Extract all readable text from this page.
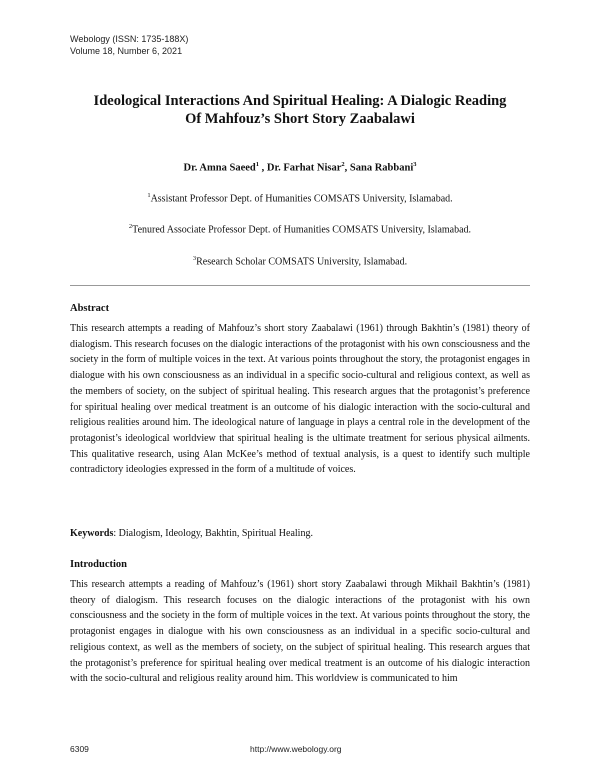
Webology (ISSN: 1735-188X)
Volume 18, Number 6, 2021
Ideological Interactions And Spiritual Healing: A Dialogic Reading
Of Mahfouz’s Short Story Zaabalawi
Dr. Amna Saeed$^1$ , Dr. Farhat Nisar$^2$, Sana Rabbani$^3$
$^1$Assistant Professor Dept. of Humanities COMSATS University, Islamabad.
$^2$Tenured Associate Professor Dept. of Humanities COMSATS University, Islamabad.
$^3$Research Scholar COMSATS University, Islamabad.
Abstract
This research attempts a reading of Mahfouz’s short story Zaabalawi (1961) through Bakhtin’s (1981) theory of dialogism. This research focuses on the dialogic interactions of the protagonist with his own consciousness and the society in the form of multiple voices in the text. At various points throughout the story, the protagonist engages in dialogue with his own consciousness as an individual in a specific socio-cultural and religious context, as well as the members of society, on the subject of spiritual healing. This research argues that the protagonist’s preference for spiritual healing over medical treatment is an outcome of his dialogic interaction with the socio-cultural and religious realities around him. The ideological nature of language in plays a central role in the development of the protagonist’s ideological worldview that spiritual healing is the ultimate treatment for serious physical ailments. This qualitative research, using Alan McKee’s method of textual analysis, is a quest to identify such multiple contradictory ideologies expressed in the form of a multitude of voices.
Keywords: Dialogism, Ideology, Bakhtin, Spiritual Healing.
Introduction
This research attempts a reading of Mahfouz’s (1961) short story Zaabalawi through Mikhail Bakhtin’s (1981) theory of dialogism. This research focuses on the dialogic interactions of the protagonist with his own consciousness and the society in the form of multiple voices in the text. At various points throughout the story, the protagonist engages in dialogue with his own consciousness as an individual in a specific socio-cultural and religious context, as well as the members of society, on the subject of spiritual healing. This research argues that the protagonist’s preference for spiritual healing over medical treatment is an outcome of his dialogic interaction with the socio-cultural and religious reality around him. This worldview is communicated to him
6309	http://www.webology.org
